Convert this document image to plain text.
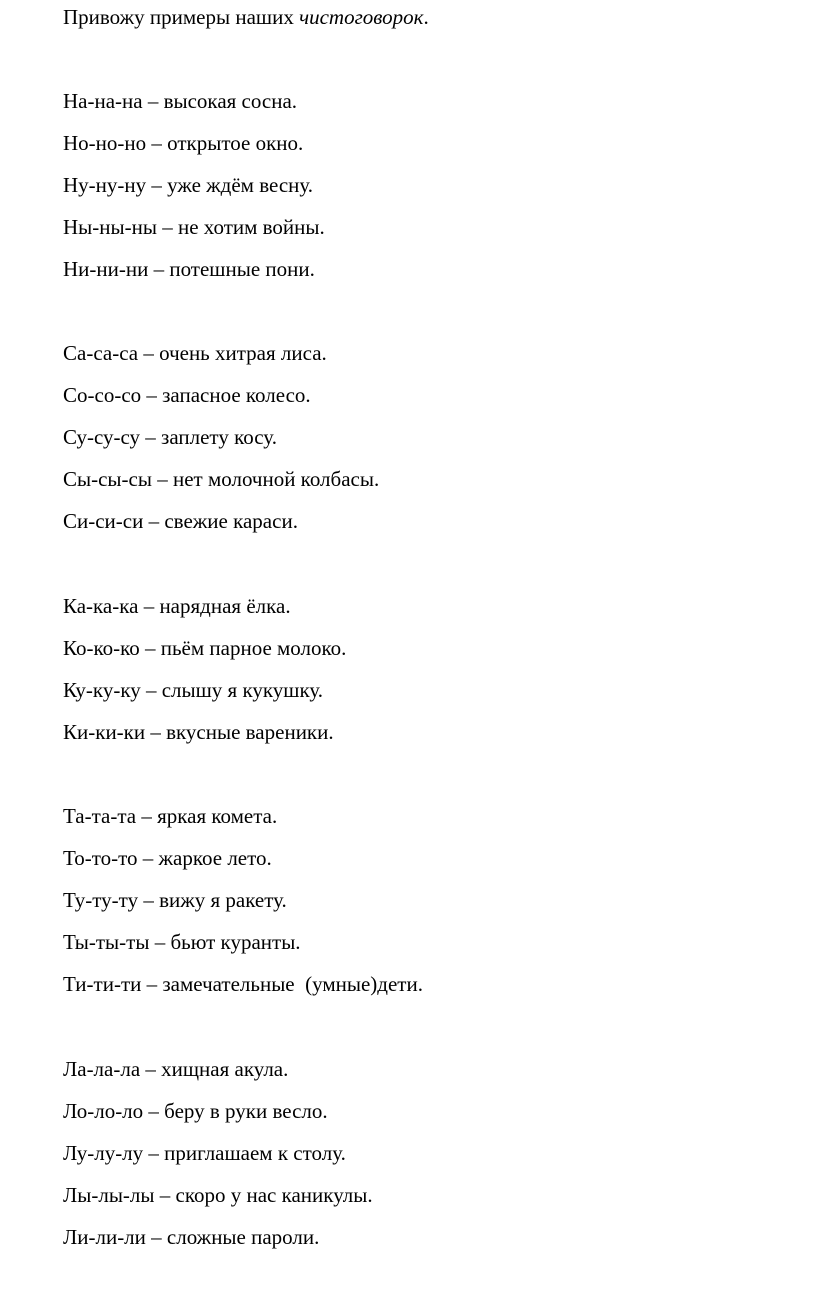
Привожу примеры наших чистоговорок.
На-на-на – высокая сосна.
Но-но-но – открытое окно.
Ну-ну-ну – уже ждём весну.
Ны-ны-ны – не хотим войны.
Ни-ни-ни – потешные пони.
Са-са-са – очень хитрая лиса.
Со-со-со – запасное колесо.
Су-су-су – заплету косу.
Сы-сы-сы – нет молочной колбасы.
Си-си-си – свежие караси.
Ка-ка-ка – нарядная ёлка.
Ко-ко-ко – пьём парное молоко.
Ку-ку-ку – слышу я кукушку.
Ки-ки-ки – вкусные вареники.
Та-та-та – яркая комета.
То-то-то – жаркое лето.
Ту-ту-ту – вижу я ракету.
Ты-ты-ты – бьют куранты.
Ти-ти-ти – замечательные  (умные)дети.
Ла-ла-ла – хищная акула.
Ло-ло-ло – беру в руки весло.
Лу-лу-лу – приглашаем к столу.
Лы-лы-лы – скоро у нас каникулы.
Ли-ли-ли – сложные пароли.
